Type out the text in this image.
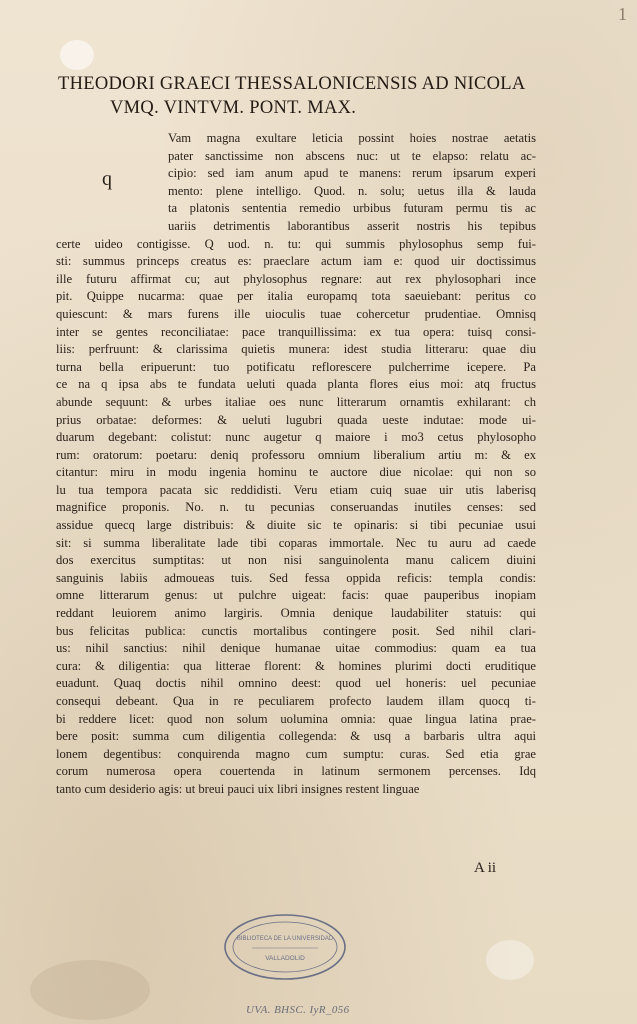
1
THEODORI GRAECI THESSALONICENSIS AD NICOLA
VMQ. VINTVM. PONT. MAX.
q
Vam magna exultare leticia possint hoies nostrae aetatis
pater sanctissime non abscens nuc: ut te elapso: relatu ac-
cipio: sed iam anum apud te manens: rerum ipsarum experi
mento: plene intelligo. Quod. n. solu; uetus illa & lauda
ta platonis sententia remedio urbibus futuram permu tis ac
uariis detrimentis laborantibus asserit nostris his tepibus
certe uideo contigisse. Q uod. n. tu: qui summis phylosophus semp fui-
sti: summus princeps creatus es: praeclare actum iam e: quod uir doctissimus
ille futuru affirmat cu; aut phylosophus regnare: aut rex phylosophari ince
pit. Quippe nucarma: quae per italia europamq tota saeuiebant: peritus co
quiescunt: & mars furens ille uioculis tuae cohercetur prudentiae. Omnisq
inter se gentes reconciliatae: pace tranquillissima: ex tua opera: tuisq consi-
liis: perfruunt: & clarissima quietis munera: idest studia litteraru: quae diu
turna bella eripuerunt: tuo potificatu reflorescere pulcherrime icepere. Pa
ce na q ipsa abs te fundata ueluti quada planta flores eius moi: atq fructus
abunde sequunt: & urbes italiae oes nunc litterarum ornamtis exhilarant: ch
prius orbatae: deformes: & ueluti lugubri quada ueste indutae: mode ui-
duarum degebant: colistut: nunc augetur q maiore i mo3 cetus phylosopho
rum: oratorum: poetaru: deniq professoru omnium liberalium artiu m: & ex
citantur: miru in modu ingenia hominu te auctore diue nicolae: qui non so
lu tua tempora pacata sic reddidisti. Veru etiam cuiq suae uir utis laberisq
magnifice proponis. No. n. tu pecunias conseruandas inutiles censes: sed
assidue quecq large distribuis: & diuite sic te opinaris: si tibi pecuniae usui
sit: si summa liberalitate lade tibi coparas immortale. Nec tu auru ad caede
dos exercitus sumptitas: ut non nisi sanguinolenta manu calicem diuini
sanguinis labiis admoueas tuis. Sed fessa oppida reficis: templa condis:
omne litterarum genus: ut pulchre uigeat: facis: quae pauperibus inopiam
reddant leuiorem animo largiris. Omnia denique laudabiliter statuis: qui
bus felicitas publica: cunctis mortalibus contingere posit. Sed nihil clari-
us: nihil sanctius: nihil denique humanae uitae commodius: quam ea tua
cura: & diligentia: qua litterae florent: & homines plurimi docti eruditique
euadunt. Quaq doctis nihil omnino deest: quod uel honeris: uel pecuniae
consequi debeant. Qua in re peculiarem profecto laudem illam quocq ti-
bi reddere licet: quod non solum uolumina omnia: quae lingua latina prae-
bere posit: summa cum diligentia collegenda: & usq a barbaris ultra aqui
lonem degentibus: conquirenda magno cum sumptu: curas. Sed etia grae
corum numerosa opera couertenda in latinum sermonem percenses. Idq
tanto cum desiderio agis: ut breui pauci uix libri insignes restent linguae
A ii
BIBLIOTECA DE LA UNIVERSIDAD
VALLADOLID
UVA. BHSC. IyR_056
